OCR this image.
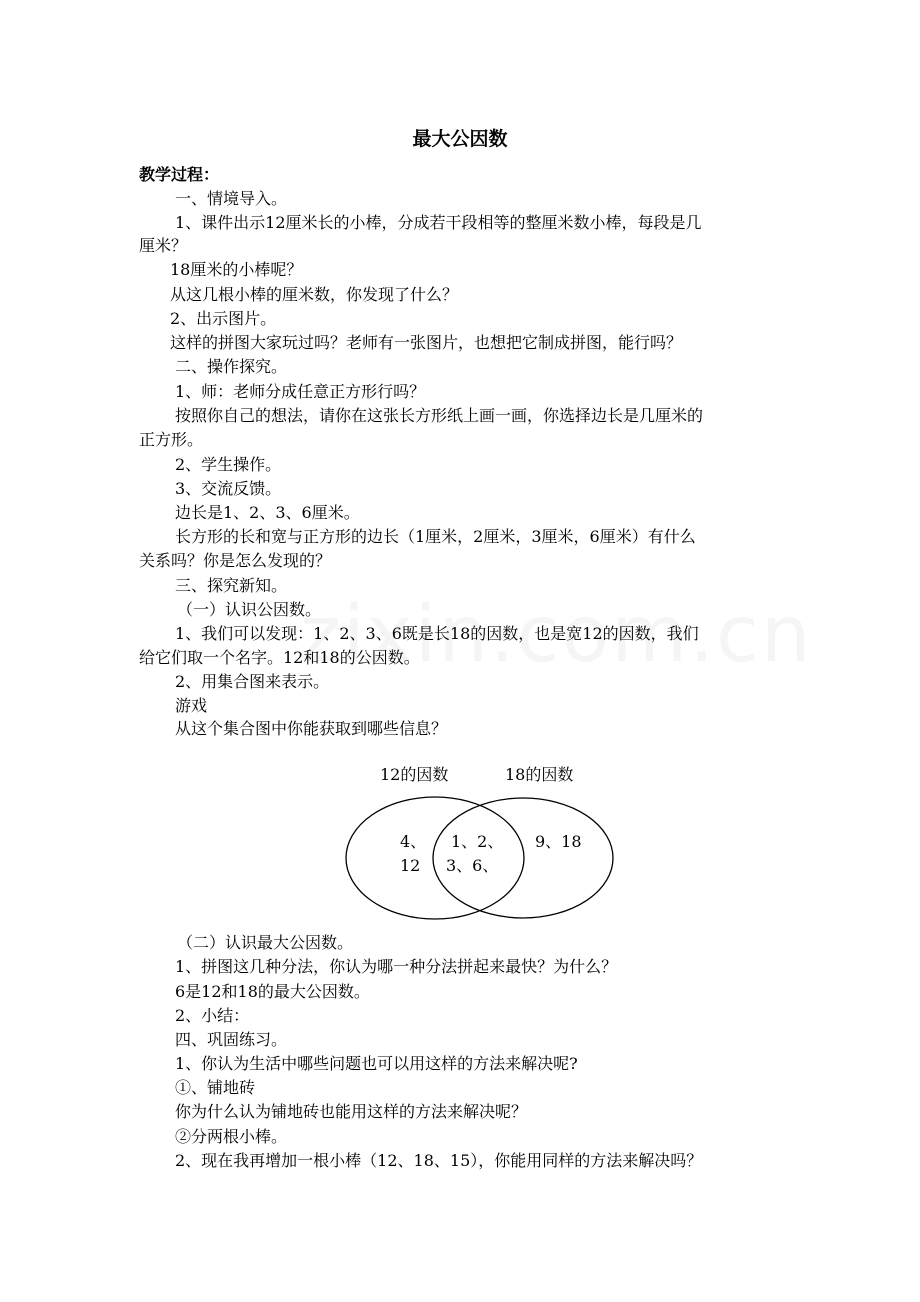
最大公因数
教学过程：
一、情境导入。
1、课件出示12厘米长的小棒，分成若干段相等的整厘米数小棒，每段是几
厘米？
18厘米的小棒呢？
从这几根小棒的厘米数，你发现了什么？
2、出示图片。
这样的拼图大家玩过吗？老师有一张图片，也想把它制成拼图，能行吗？
二、操作探究。
1、师：老师分成任意正方形行吗？
按照你自己的想法，请你在这张长方形纸上画一画，你选择边长是几厘米的
正方形。
2、学生操作。
3、交流反馈。
边长是1、2、3、6厘米。
长方形的长和宽与正方形的边长（1厘米，2厘米，3厘米，6厘米）有什么
关系吗？你是怎么发现的？
三、探究新知。
（一）认识公因数。
1、我们可以发现：1、2、3、6既是长18的因数，也是宽12的因数，我们
给它们取一个名字。12和18的公因数。
2、用集合图来表示。
游戏
从这个集合图中你能获取到哪些信息？
12的因数	18的因数
4、
12
1、2、
3、6、
9、18
（二）认识最大公因数。
1、拼图这几种分法，你认为哪一种分法拼起来最快？为什么？
6是12和18的最大公因数。
2、小结：
四、巩固练习。
1、你认为生活中哪些问题也可以用这样的方法来解决呢?
①、铺地砖
你为什么认为铺地砖也能用这样的方法来解决呢？
②分两根小棒。
2、现在我再增加一根小棒（12、18、15），你能用同样的方法来解决吗？
